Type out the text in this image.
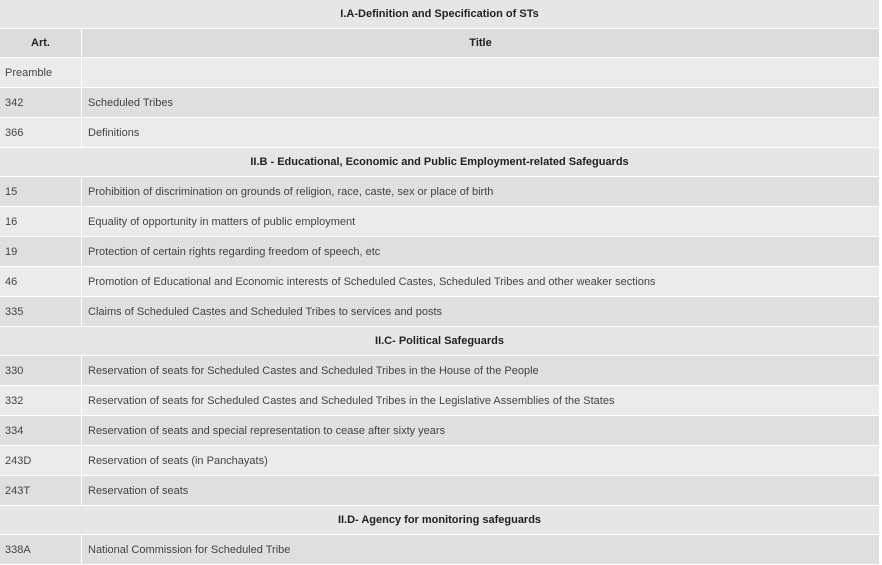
I.A-Definition and Specification of STs	
Art.	Title
Preamble	
342	Scheduled Tribes
366	Definitions
II.B - Educational, Economic and Public Employment-related Safeguards	
15	Prohibition of discrimination on grounds of religion, race, caste, sex or place of birth
16	Equality of opportunity in matters of public employment
19	Protection of certain rights regarding freedom of speech, etc
46	Promotion of Educational and Economic interests of Scheduled Castes, Scheduled Tribes and other weaker sections
335	Claims of Scheduled Castes and Scheduled Tribes to services and posts
II.C- Political Safeguards	
330	Reservation of seats for Scheduled Castes and Scheduled Tribes in the House of the People
332	Reservation of seats for Scheduled Castes and Scheduled Tribes in the Legislative Assemblies of the States
334	Reservation of seats and special representation to cease after sixty years
243D	Reservation of seats (in Panchayats)
243T	Reservation of seats
II.D- Agency for monitoring safeguards	
338A	National Commission for Scheduled Tribe
